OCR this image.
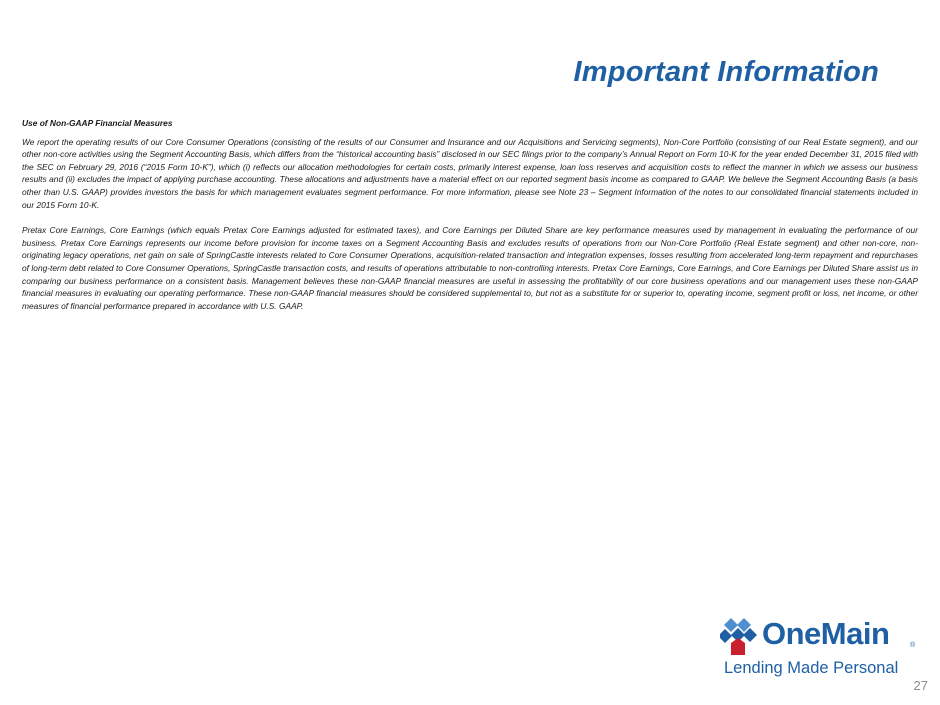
Important Information

Use of Non-GAAP Financial Measures

We report the operating results of our Core Consumer Operations (consisting of the results of our Consumer and Insurance and our Acquisitions and Servicing segments), Non-Core Portfolio (consisting of our Real Estate segment), and our other non-core activities using the Segment Accounting Basis, which differs from the “historical accounting basis” disclosed in our SEC filings prior to the company’s Annual Report on Form 10-K for the year ended December 31, 2015 filed with the SEC on February 29, 2016 (“2015 Form 10-K”), which (i) reflects our allocation methodologies for certain costs, primarily interest expense, loan loss reserves and acquisition costs to reflect the manner in which we assess our business results and (ii) excludes the impact of applying purchase accounting. These allocations and adjustments have a material effect on our reported segment basis income as compared to GAAP. We believe the Segment Accounting Basis (a basis other than U.S. GAAP) provides investors the basis for which management evaluates segment performance. For more information, please see Note 23 – Segment Information of the notes to our consolidated financial statements included in our 2015 Form 10-K.

Pretax Core Earnings, Core Earnings (which equals Pretax Core Earnings adjusted for estimated taxes), and Core Earnings per Diluted Share are key performance measures used by management in evaluating the performance of our business. Pretax Core Earnings represents our income before provision for income taxes on a Segment Accounting Basis and excludes results of operations from our Non-Core Portfolio (Real Estate segment) and other non-core, non-originating legacy operations, net gain on sale of SpringCastle interests related to Core Consumer Operations, acquisition-related transaction and integration expenses, losses resulting from accelerated long-term repayment and repurchases of long-term debt related to Core Consumer Operations, SpringCastle transaction costs, and results of operations attributable to non-controlling interests. Pretax Core Earnings, Core Earnings, and Core Earnings per Diluted Share assist us in comparing our business performance on a consistent basis. Management believes these non-GAAP financial measures are useful in assessing the profitability of our core business operations and our management uses these non-GAAP financial measures in evaluating our operating performance. These non-GAAP financial measures should be considered supplemental to, but not as a substitute for or superior to, operating income, segment profit or loss, net income, or other measures of financial performance prepared in accordance with U.S. GAAP.

OneMain	®
Lending Made Personal
27
